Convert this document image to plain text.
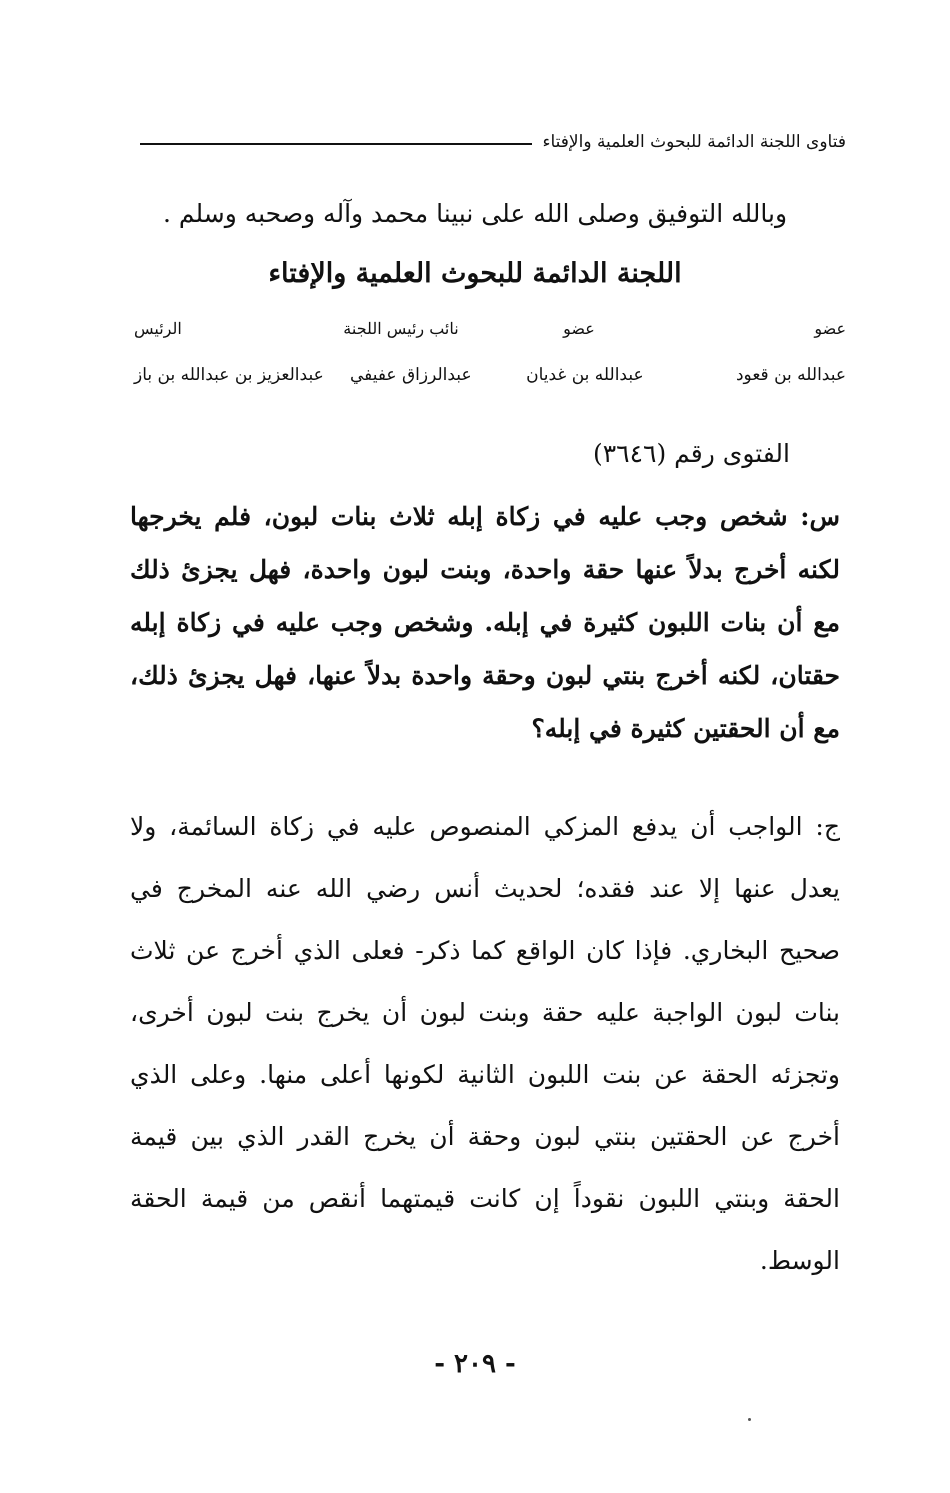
فتاوى اللجنة الدائمة للبحوث العلمية والإفتاء
وبالله التوفيق وصلى الله على نبينا محمد وآله وصحبه وسلم .
اللجنة الدائمة للبحوث العلمية والإفتاء
عضو
عضو
نائب رئيس اللجنة
الرئيس
عبدالله بن قعود
عبدالله بن غديان
عبدالرزاق عفيفي
عبدالعزيز بن عبدالله بن باز
الفتوى رقم (٣٦٤٦)
س: شخص وجب عليه في زكاة إبله ثلاث بنات لبون، فلم يخرجها لكنه أخرج بدلاً عنها حقة واحدة، وبنت لبون واحدة، فهل يجزئ ذلك مع أن بنات اللبون كثيرة في إبله. وشخص وجب عليه في زكاة إبله حقتان، لكنه أخرج بنتي لبون وحقة واحدة بدلاً عنها، فهل يجزئ ذلك، مع أن الحقتين كثيرة في إبله؟
ج: الواجب أن يدفع المزكي المنصوص عليه في زكاة السائمة، ولا يعدل عنها إلا عند فقده؛ لحديث أنس رضي الله عنه المخرج في صحيح البخاري. فإذا كان الواقع كما ذكر- فعلى الذي أخرج عن ثلاث بنات لبون الواجبة عليه حقة وبنت لبون أن يخرج بنت لبون أخرى، وتجزئه الحقة عن بنت اللبون الثانية لكونها أعلى منها. وعلى الذي أخرج عن الحقتين بنتي لبون وحقة أن يخرج القدر الذي بين قيمة الحقة وبنتي اللبون نقوداً إن كانت قيمتهما أنقص من قيمة الحقة الوسط.
- ٢٠٩ -
